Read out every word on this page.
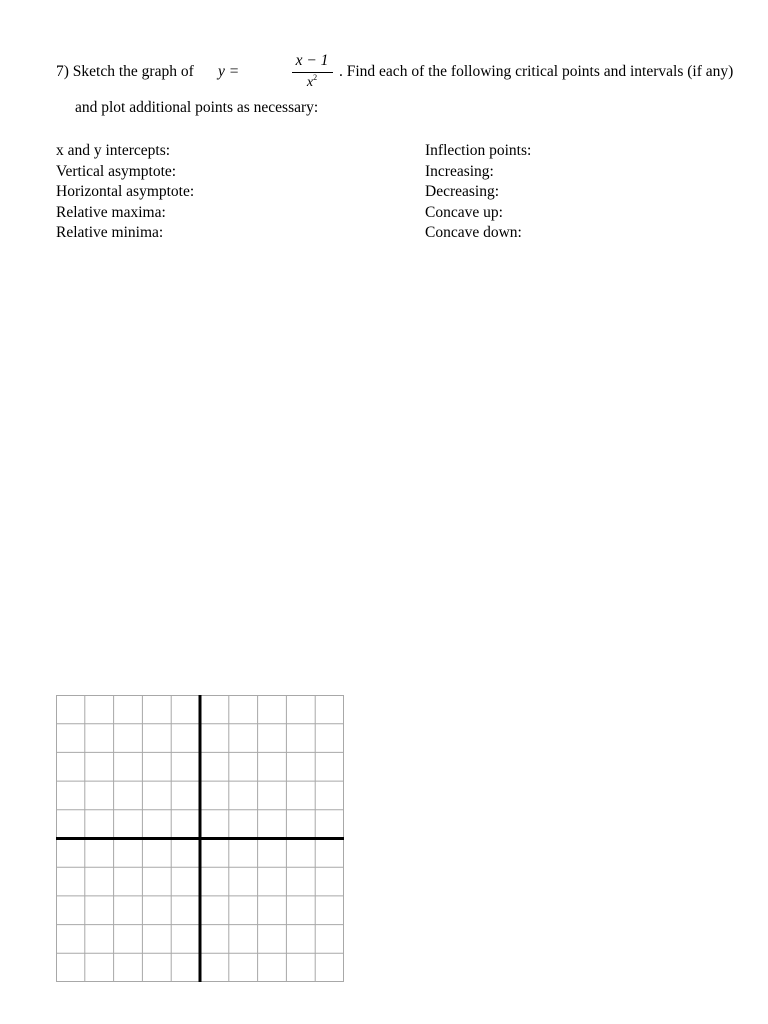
7) Sketch the graph of y =
x − 1
$x^2$	. Find each of the following critical points and intervals (if any)
and plot additional points as necessary:
x and y intercepts:
Vertical asymptote:
Horizontal asymptote:
Relative maxima:
Relative minima:
Inflection points:
Increasing:
Decreasing:
Concave up:
Concave down:
